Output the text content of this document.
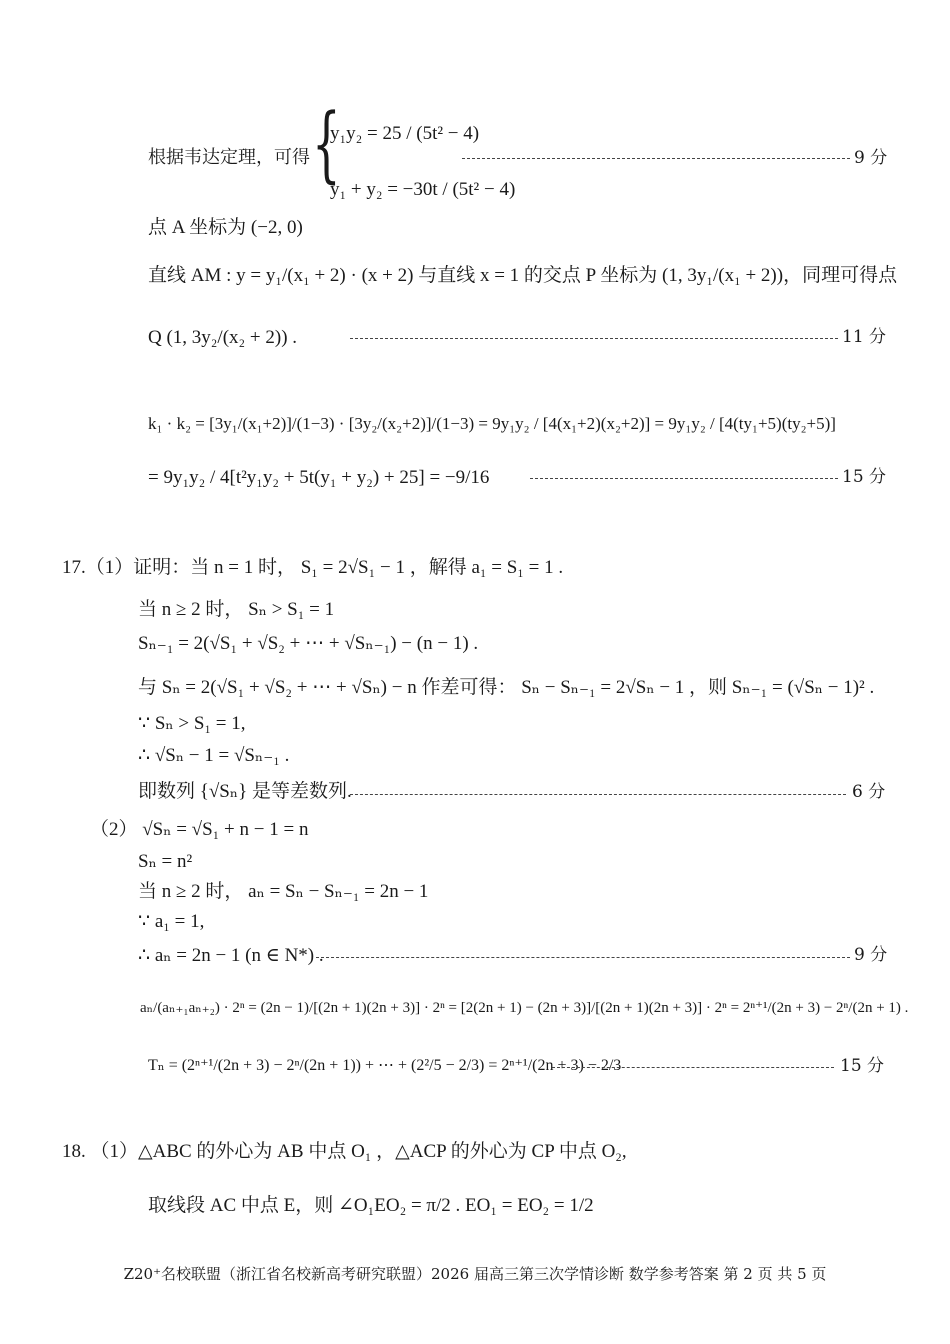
根据韦达定理，可得 {
y₁y₂ = 25 / (5t² − 4)
y₁ + y₂ = −30t / (5t² − 4)
9 分
点 A 坐标为 (−2, 0)
直线 AM : y = y₁/(x₁ + 2) · (x + 2) 与直线 x = 1 的交点 P 坐标为 (1, 3y₁/(x₁ + 2))，同理可得点
Q (1, 3y₂/(x₂ + 2)) .	11 分
k₁ · k₂ = [3y₁/(x₁+2)]/(1−3) · [3y₂/(x₂+2)]/(1−3) = 9y₁y₂ / [4(x₁+2)(x₂+2)] = 9y₁y₂ / [4(ty₁+5)(ty₂+5)]
= 9y₁y₂ / 4[t²y₁y₂ + 5t(y₁ + y₂) + 25] = −9/16	15 分
17.（1）证明：当 n = 1 时， S₁ = 2√S₁ − 1 ，解得 a₁ = S₁ = 1 .
当 n ≥ 2 时， Sₙ > S₁ = 1
Sₙ₋₁ = 2(√S₁ + √S₂ + ⋯ + √Sₙ₋₁) − (n − 1) .
与 Sₙ = 2(√S₁ + √S₂ + ⋯ + √Sₙ) − n 作差可得： Sₙ − Sₙ₋₁ = 2√Sₙ − 1 ，则 Sₙ₋₁ = (√Sₙ − 1)² .
∵ Sₙ > S₁ = 1,
∴ √Sₙ − 1 = √Sₙ₋₁ .
即数列 {√Sₙ} 是等差数列.	6 分
（2） √Sₙ = √S₁ + n − 1 = n
Sₙ = n²
当 n ≥ 2 时， aₙ = Sₙ − Sₙ₋₁ = 2n − 1
∵ a₁ = 1,
∴ aₙ = 2n − 1 (n ∈ N*) .	9 分
aₙ/(aₙ₊₁aₙ₊₂) · 2ⁿ = (2n − 1)/[(2n + 1)(2n + 3)] · 2ⁿ = [2(2n + 1) − (2n + 3)]/[(2n + 1)(2n + 3)] · 2ⁿ = 2ⁿ⁺¹/(2n + 3) − 2ⁿ/(2n + 1) .
Tₙ = (2ⁿ⁺¹/(2n + 3) − 2ⁿ/(2n + 1)) + ⋯ + (2²/5 − 2/3) = 2ⁿ⁺¹/(2n + 3) − 2/3	15 分
18. （1）△ABC 的外心为 AB 中点 O₁ ，△ACP 的外心为 CP 中点 O₂,
取线段 AC 中点 E，则 ∠O₁EO₂ = π/2 . EO₁ = EO₂ = 1/2
Z20⁺名校联盟（浙江省名校新高考研究联盟）2026 届高三第三次学情诊断 数学参考答案 第 2 页 共 5 页
